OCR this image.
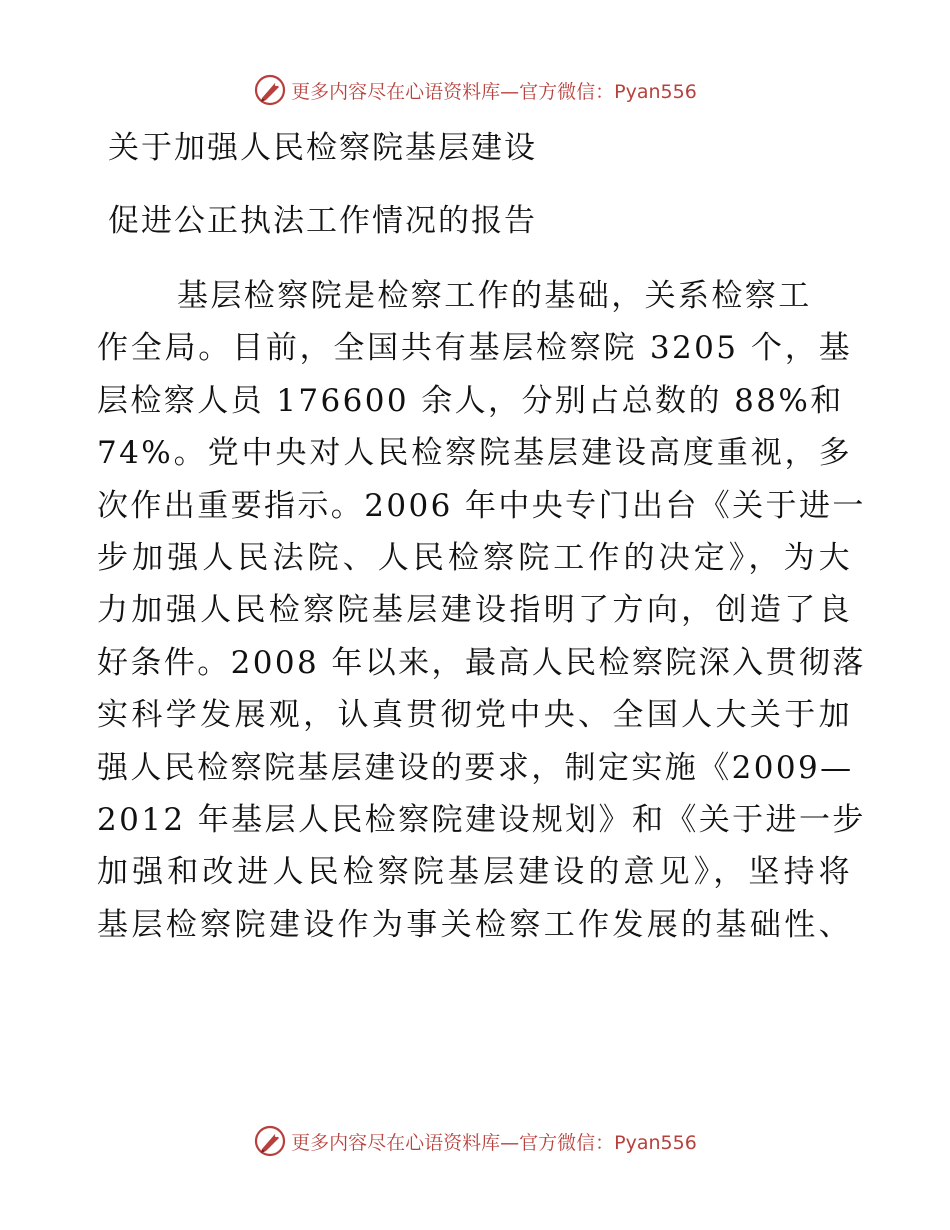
更多内容尽在心语资料库—官方微信：Pyan556
关于加强人民检察院基层建设
促进公正执法工作情况的报告
基层检察院是检察工作的基础，关系检察工
作全局。目前，全国共有基层检察院 3205 个，基
层检察人员 176600 余人，分别占总数的 88%和
74%。党中央对人民检察院基层建设高度重视，多
次作出重要指示。2006 年中央专门出台《关于进一
步加强人民法院、人民检察院工作的决定》，为大
力加强人民检察院基层建设指明了方向，创造了良
好条件。2008 年以来，最高人民检察院深入贯彻落
实科学发展观，认真贯彻党中央、全国人大关于加
强人民检察院基层建设的要求，制定实施《2009—
2012 年基层人民检察院建设规划》和《关于进一步
加强和改进人民检察院基层建设的意见》，坚持将
基层检察院建设作为事关检察工作发展的基础性、
更多内容尽在心语资料库—官方微信：Pyan556
